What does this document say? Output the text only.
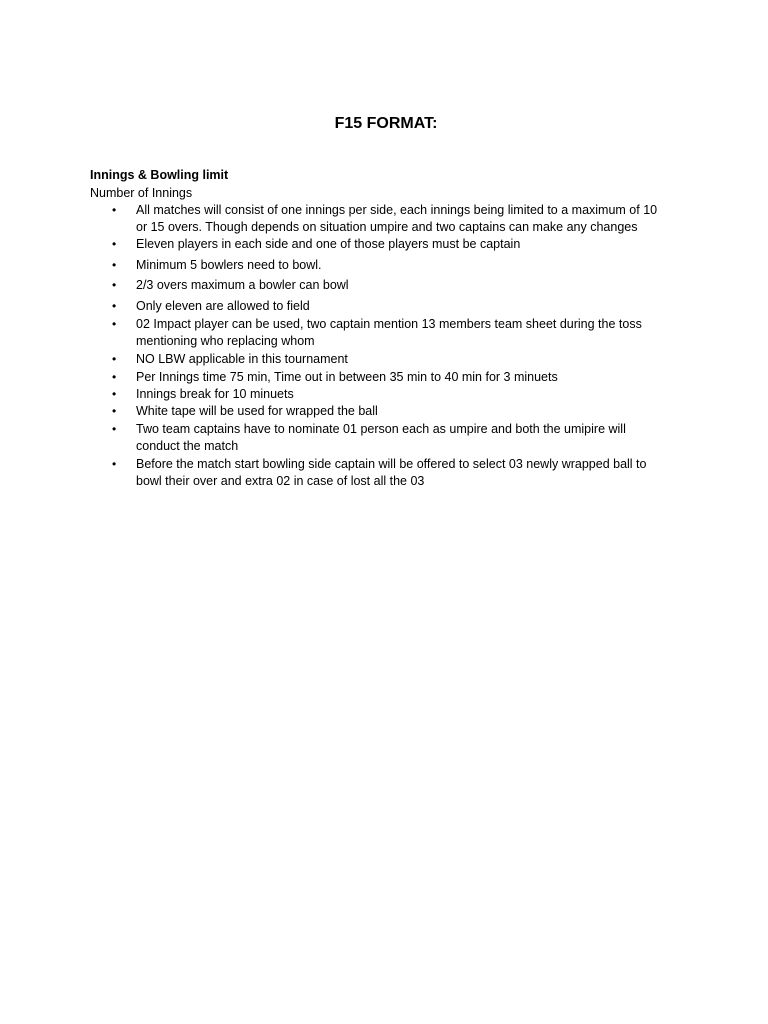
F15 FORMAT:
Innings & Bowling limit
Number of Innings
•	All matches will consist of one innings per side, each innings being limited to a maximum of 10
or 15 overs. Though depends on situation umpire and two captains can make any changes
•	Eleven players in each side and one of those players must be captain
•	Minimum 5 bowlers need to bowl.
•	2/3 overs maximum a bowler can bowl
•	Only eleven are allowed to field
•	02 Impact player can be used, two captain mention 13 members team sheet during the toss
mentioning who replacing whom
•	NO LBW applicable in this tournament
•	Per Innings time 75 min, Time out in between 35 min to 40 min for 3 minuets
•	Innings break for 10 minuets
•	White tape will be used for wrapped the ball
•	Two team captains have to nominate 01 person each as umpire and both the umipire will
conduct the match
•	Before the match start bowling side captain will be offered to select 03 newly wrapped ball to
bowl their over and extra 02 in case of lost all the 03
